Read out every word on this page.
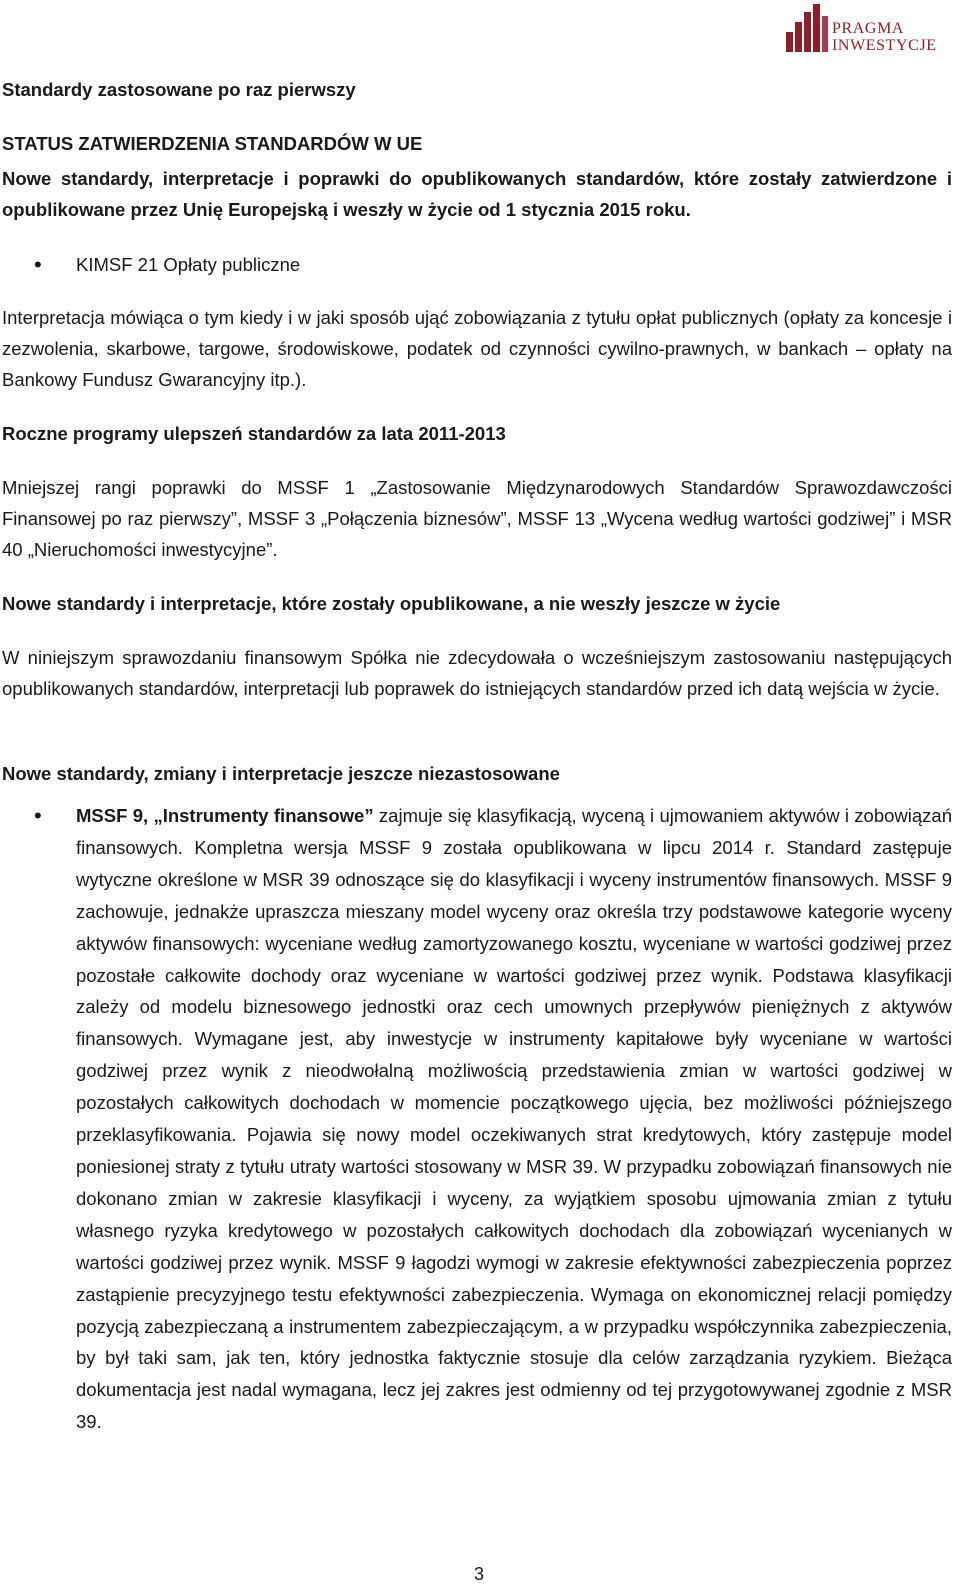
PRAGMA
INWESTYCJE

Standardy zastosowane po raz pierwszy

STATUS ZATWIERDZENIA STANDARDÓW W UE

Nowe standardy, interpretacje i poprawki do opublikowanych standardów, które zostały zatwierdzone i opublikowane przez Unię Europejską i weszły w życie od 1 stycznia 2015 roku.

• KIMSF 21 Opłaty publiczne

Interpretacja mówiąca o tym kiedy i w jaki sposób ująć zobowiązania z tytułu opłat publicznych (opłaty za koncesje i zezwolenia, skarbowe, targowe, środowiskowe, podatek od czynności cywilno-prawnych, w bankach – opłaty na Bankowy Fundusz Gwarancyjny itp.).

Roczne programy ulepszeń standardów za lata 2011-2013

Mniejszej rangi poprawki do MSSF 1 „Zastosowanie Międzynarodowych Standardów Sprawozdawczości Finansowej po raz pierwszy”, MSSF 3 „Połączenia biznesów”, MSSF 13 „Wycena według wartości godziwej” i MSR 40 „Nieruchomości inwestycyjne”.

Nowe standardy i interpretacje, które zostały opublikowane, a nie weszły jeszcze w życie

W niniejszym sprawozdaniu finansowym Spółka nie zdecydowała o wcześniejszym zastosowaniu następujących opublikowanych standardów, interpretacji lub poprawek do istniejących standardów przed ich datą wejścia w życie.

Nowe standardy, zmiany i interpretacje jeszcze niezastosowane

• MSSF 9, „Instrumenty finansowe” zajmuje się klasyfikacją, wyceną i ujmowaniem aktywów i zobowiązań finansowych. Kompletna wersja MSSF 9 została opublikowana w lipcu 2014 r. Standard zastępuje wytyczne określone w MSR 39 odnoszące się do klasyfikacji i wyceny instrumentów finansowych. MSSF 9 zachowuje, jednakże upraszcza mieszany model wyceny oraz określa trzy podstawowe kategorie wyceny aktywów finansowych: wyceniane według zamortyzowanego kosztu, wyceniane w wartości godziwej przez pozostałe całkowite dochody oraz wyceniane w wartości godziwej przez wynik. Podstawa klasyfikacji zależy od modelu biznesowego jednostki oraz cech umownych przepływów pieniężnych z aktywów finansowych. Wymagane jest, aby inwestycje w instrumenty kapitałowe były wyceniane w wartości godziwej przez wynik z nieodwołalną możliwością przedstawienia zmian w wartości godziwej w pozostałych całkowitych dochodach w momencie początkowego ujęcia, bez możliwości późniejszego przeklasyfikowania. Pojawia się nowy model oczekiwanych strat kredytowych, który zastępuje model poniesionej straty z tytułu utraty wartości stosowany w MSR 39. W przypadku zobowiązań finansowych nie dokonano zmian w zakresie klasyfikacji i wyceny, za wyjątkiem sposobu ujmowania zmian z tytułu własnego ryzyka kredytowego w pozostałych całkowitych dochodach dla zobowiązań wycenianych w wartości godziwej przez wynik. MSSF 9 łagodzi wymogi w zakresie efektywności zabezpieczenia poprzez zastąpienie precyzyjnego testu efektywności zabezpieczenia. Wymaga on ekonomicznej relacji pomiędzy pozycją zabezpieczaną a instrumentem zabezpieczającym, a w przypadku współczynnika zabezpieczenia, by był taki sam, jak ten, który jednostka faktycznie stosuje dla celów zarządzania ryzykiem. Bieżąca dokumentacja jest nadal wymagana, lecz jej zakres jest odmienny od tej przygotowywanej zgodnie z MSR 39.

3
